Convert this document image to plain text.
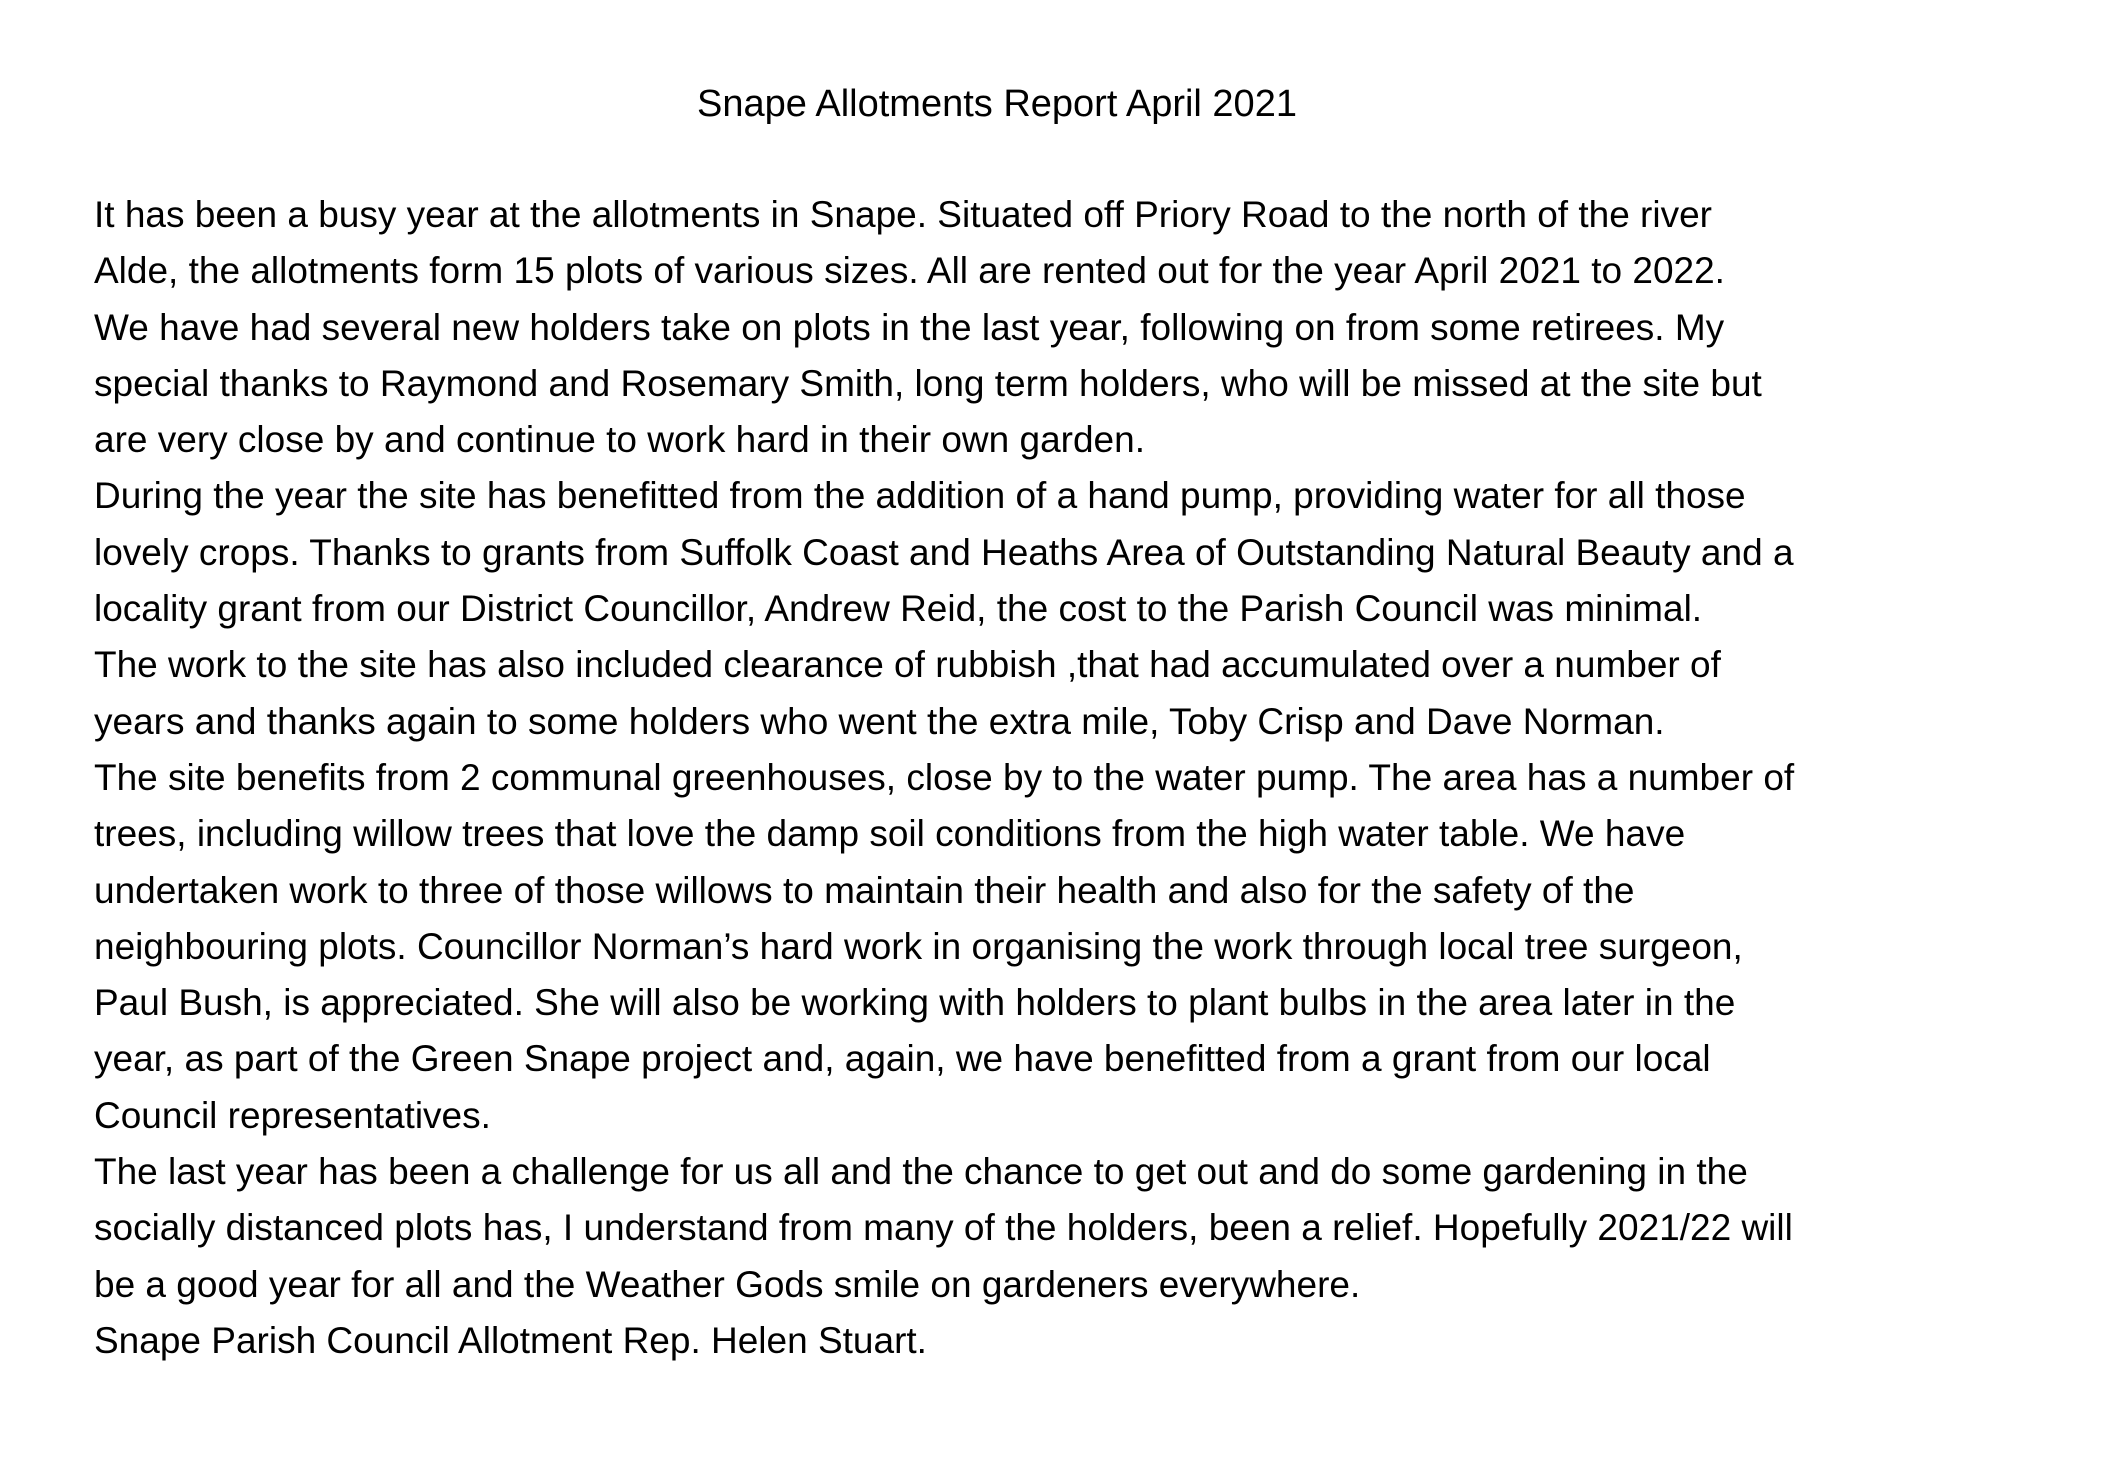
Snape Allotments Report April 2021
It has been a busy year at the allotments in Snape. Situated off Priory Road to the north of the river
Alde, the allotments form 15 plots of various sizes. All are rented out for the year April 2021 to 2022.
We have had several new holders take on plots in the last year, following on from some retirees. My
special thanks to Raymond and Rosemary Smith, long term holders, who will be missed at the site but
are very close by and continue to work hard in their own garden.
During the year the site has benefitted from the addition of a hand pump, providing water for all those
lovely crops. Thanks to grants from Suffolk Coast and Heaths Area of Outstanding Natural Beauty and a
locality grant from our District Councillor, Andrew Reid, the cost to the Parish Council was minimal.
The work to the site has also included clearance of rubbish ,that had accumulated over a number of
years and thanks again to some holders who went the extra mile, Toby Crisp and Dave Norman.
The site benefits from 2 communal greenhouses, close by to the water pump. The area has a number of
trees, including willow trees that love the damp soil conditions from the high water table. We have
undertaken work to three of those willows to maintain their health and also for the safety of the
neighbouring plots. Councillor Norman’s hard work in organising the work through local tree surgeon,
Paul Bush, is appreciated. She will also be working with holders to plant bulbs in the area later in the
year, as part of the Green Snape project and, again, we have benefitted from a grant from our local
Council representatives.
The last year has been a challenge for us all and the chance to get out and do some gardening in the
socially distanced plots has, I understand from many of the holders, been a relief. Hopefully 2021/22 will
be a good year for all and the Weather Gods smile on gardeners everywhere.
Snape Parish Council Allotment Rep. Helen Stuart.
